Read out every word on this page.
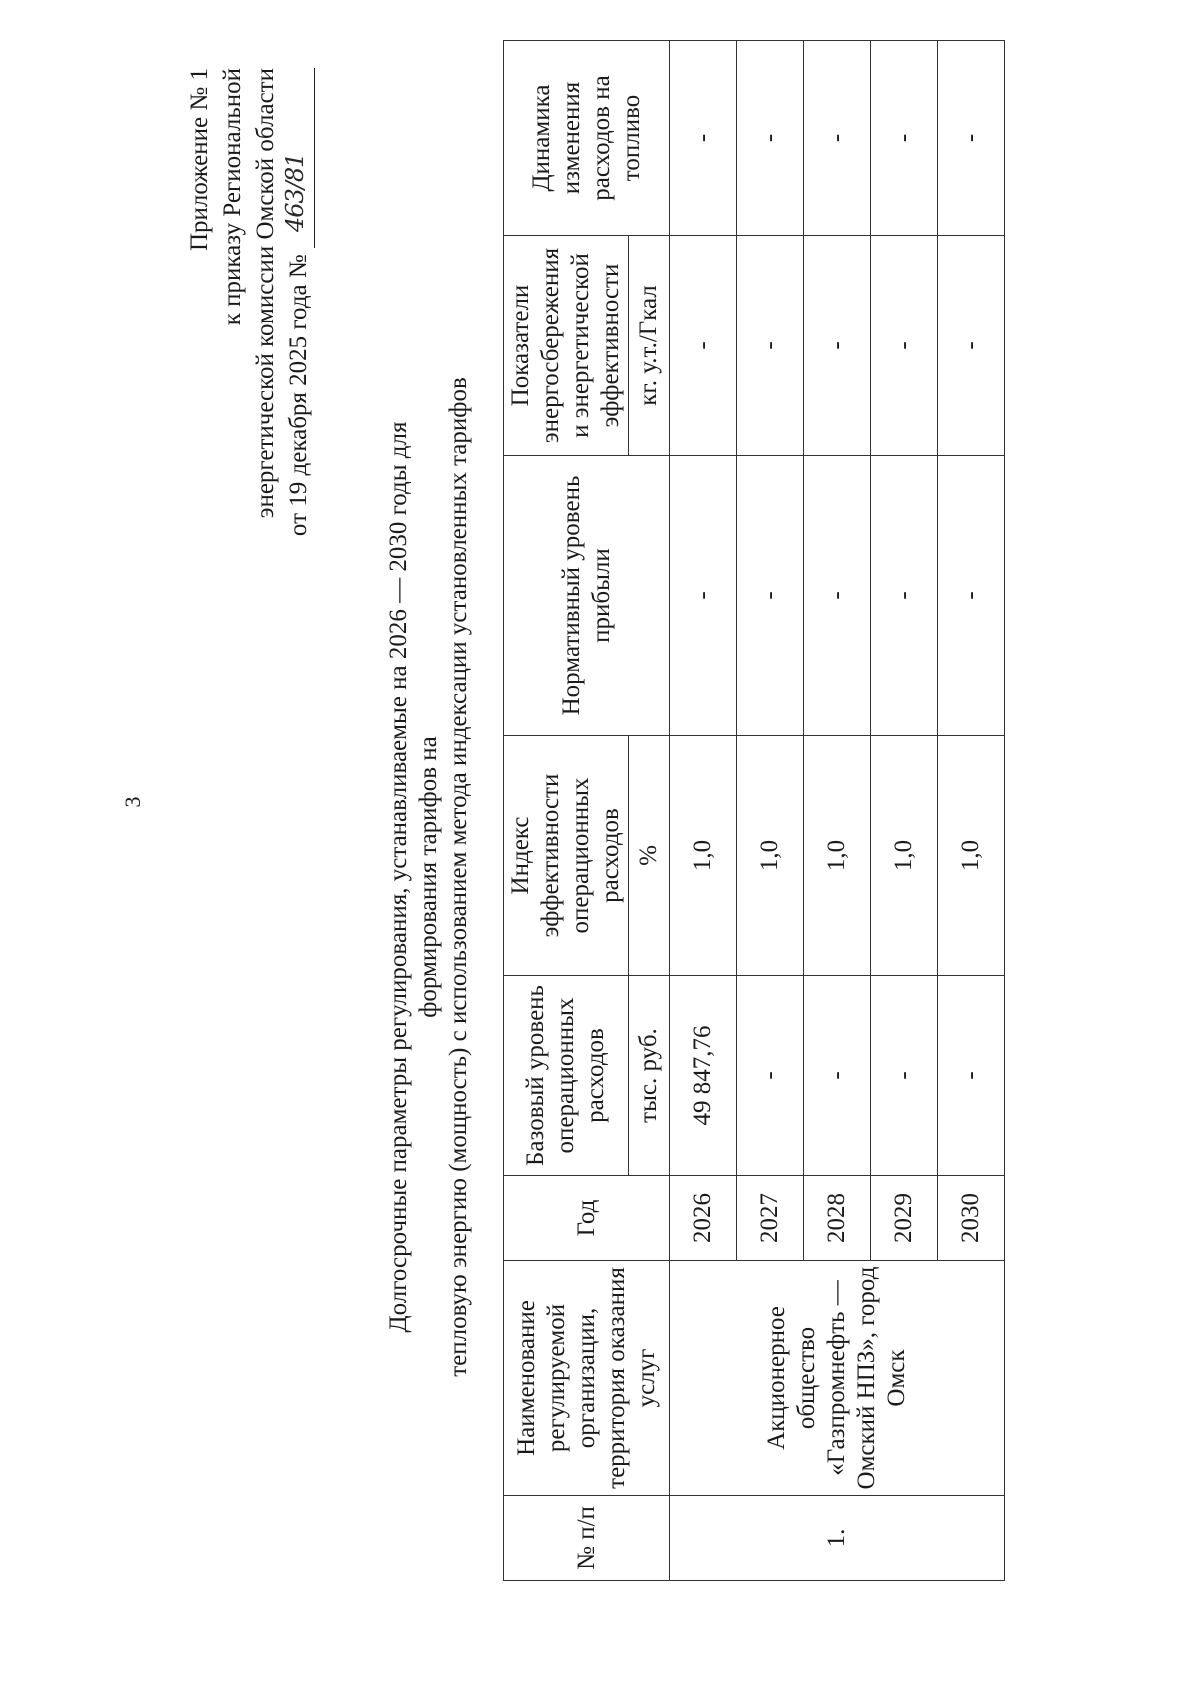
3
Приложение № 1 к приказу Региональной энергетической комиссии Омской области от 19 декабря 2025 года №
463/81
Долгосрочные параметры регулирования, устанавливаемые на 2026 — 2030 годы для формирования тарифов на тепловую энергию (мощность) с использованием метода индексации установленных тарифов
№ п/п	Наименование регулируемой организации, территория оказания услуг	Год	Базовый уровень операционных расходов	Индекс эффективности операционных расходов	Нормативный уровень прибыли	Показатели энергосбережения и энергетической эффективности	Динамика изменения расходов на топливо
			тыс. руб.	%		кг. у.т./Гкал	
1.	Акционерное общество «Газпромнефть —Омский НПЗ», город Омск	2026	49 847,76	1,0	-	-	-
		2027	-	1,0	-	-	-
		2028	-	1,0	-	-	-
		2029	-	1,0	-	-	-
		2030	-	1,0	-	-	-
